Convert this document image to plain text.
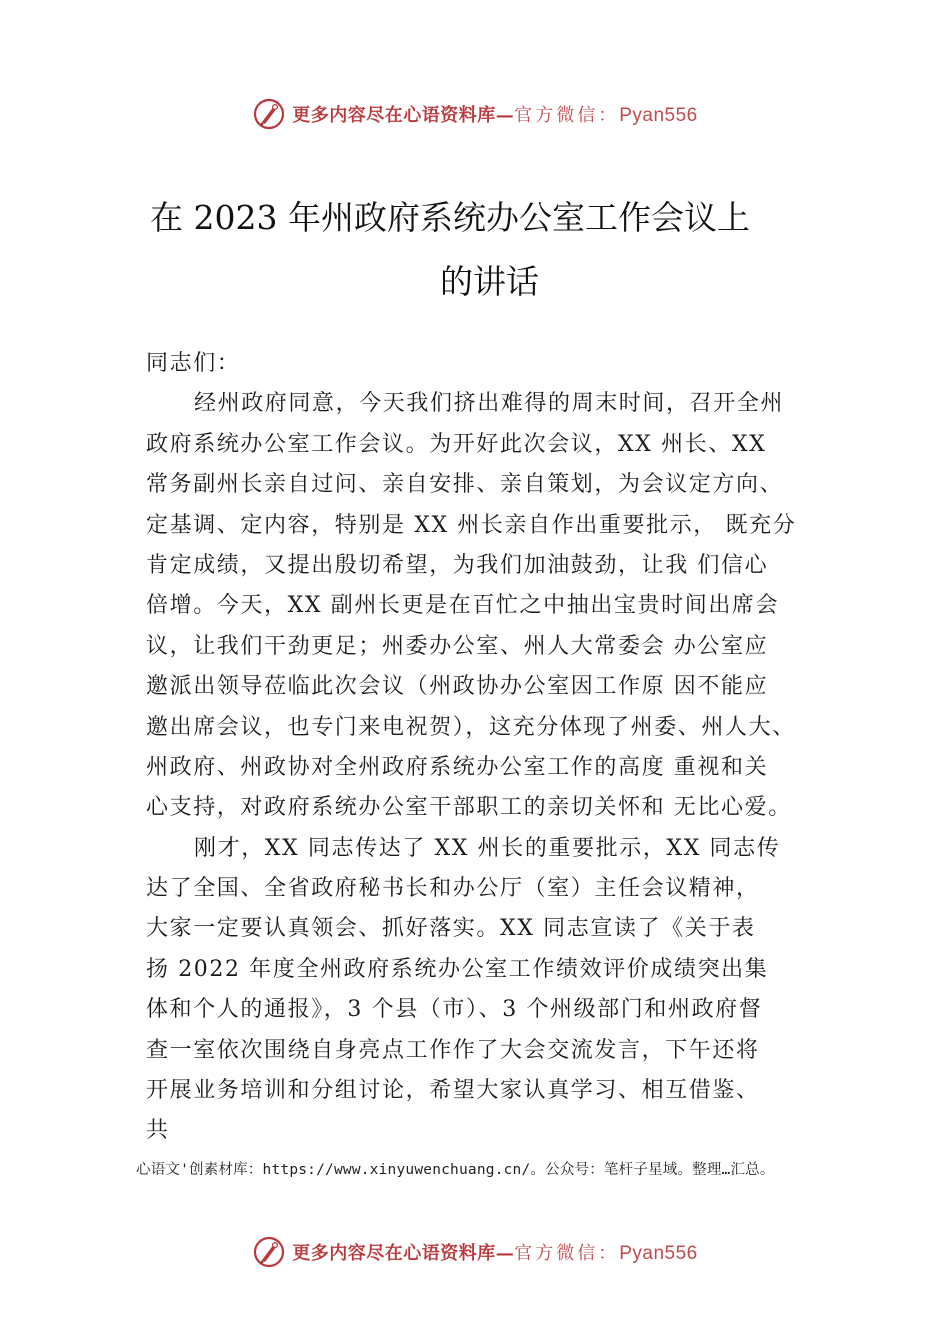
更多内容尽在心语资料库—官方微信：Pyan556
在 2023 年州政府系统办公室工作会议上
的讲话
同志们：
经州政府同意，今天我们挤出难得的周末时间，召开全州
政府系统办公室工作会议。为开好此次会议，XX 州长、XX
常务副州长亲自过问、亲自安排、亲自策划，为会议定方向、
定基调、定内容，特别是 XX 州长亲自作出重要批示， 既充分
肯定成绩，又提出殷切希望，为我们加油鼓劲，让我 们信心
倍增。今天，XX 副州长更是在百忙之中抽出宝贵时间出席会
议，让我们干劲更足；州委办公室、州人大常委会 办公室应
邀派出领导莅临此次会议（州政协办公室因工作原 因不能应
邀出席会议，也专门来电祝贺），这充分体现了州委、州人大、
州政府、州政协对全州政府系统办公室工作的高度 重视和关
心支持，对政府系统办公室干部职工的亲切关怀和 无比心爱。
刚才，XX 同志传达了 XX 州长的重要批示，XX 同志传
达了全国、全省政府秘书长和办公厅（室）主任会议精神，
大家一定要认真领会、抓好落实。XX 同志宣读了《关于表
扬 2022 年度全州政府系统办公室工作绩效评价成绩突出集
体和个人的通报》，3 个县（市）、3 个州级部门和州政府督
查一室依次围绕自身亮点工作作了大会交流发言，下午还将
开展业务培训和分组讨论，希望大家认真学习、相互借鉴、
共
心语文'创素材库：https://www.xinyuwenchuang.cn/。公众号：笔杆子星域。整理…汇总。
更多内容尽在心语资料库—官方微信：Pyan556
